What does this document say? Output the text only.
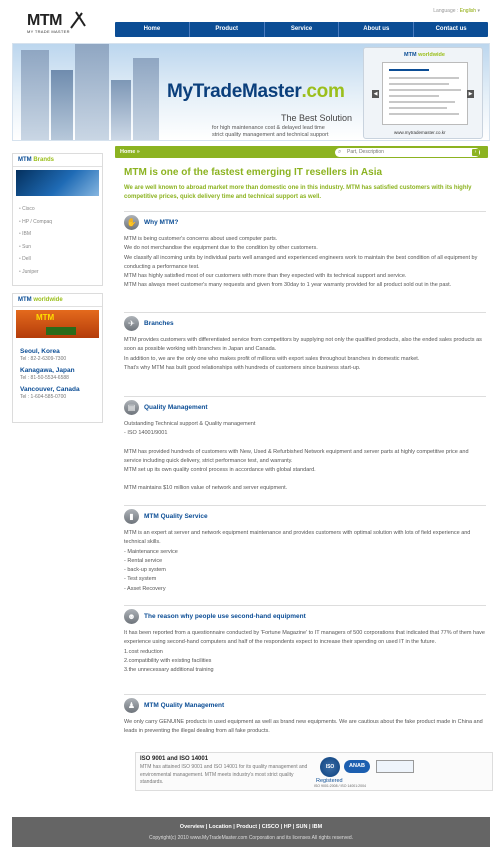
MTM
MY TRADE MASTER
Language : English ▾
Home	Product	Service	About us	Contact us
MyTradeMaster.com
The Best Solution
for high maintenance cost & delayed lead time
strict quality management and technical support
MTM worldwide
◀	▶
www.mytrademaster.co.kr
MTM Brands
• Cisco
• HP / Compaq
• IBM
• Sun
• Dell
• Juniper
MTM worldwide
MTM
Seoul, Korea
Tel : 82-2-6309-7300
Kanagawa, Japan
Tel : 81-50-5534-6588
Vancouver, Canada
Tel : 1-604-585-0700
Home »	⌕
Part, Description	›
MTM is one of the fastest emerging IT resellers in Asia
We are well known to abroad market more than domestic one in this industry. MTM has satisfied customers with its highly competitive prices, quick delivery time and technical support as well.
✋	Why MTM?
MTM is being customer's concerns about used computer parts.
We do not merchandise the equipment due to the condition by other customers.
We classify all incoming units by individual parts well arranged and experienced engineers work to maintain the best condition of all equipment by conducting a performance test.
MTM has highly satisfied most of our customers with more than they expected with its technical support and service.
MTM has always meet customer's many requests and given from 30day to 1 year warranty provided for all product sold out in the past.
✈	Branches
MTM provides customers with differentiated service from competitors by supplying not only the qualified products, also the ended sales products as soon as possible working with branches in Japan and Canada.
In addition to, we are the only one who makes profit of millions with export sales throughout branches in domestic market.
That's why MTM has built good relationships with hundreds of customers since business start-up.
▤	Quality Management
Outstanding Technical support & Quality management
- ISO 14001/9001
MTM has provided hundreds of customers with New, Used & Refurbished Network equipment and server parts at highly competitive price and service including quick delivery, strict performance test, and warranty.
MTM set up its own quality control process in accordance with global standard.
MTM maintains $10 million value of network and server equipment.
▮	MTM Quality Service
MTM is an expert at server and network equipment maintenance and provides customers with optimal solution with lots of field experience and technical skills.
- Maintenance service
- Rental service
- back-up system
- Test system
- Asset Recovery
☻	The reason why people use second-hand equipment
It has been reported from a questionnaire conducted by 'Fortune Magazine' to IT managers of 500 corporations that indicated that 77% of them have experience using second-hand computers and half of the respondents expect to increase their spending on used IT in the future.
1.cost reduction
2.compatibility with existing facilities
3.the unnecessary additional training
♟	MTM Quality Management
We only carry GENUINE products in used equipment as well as brand new equipments. We are cautious about the fake product made in China and leads in preventing the illegal dealing from all fake products.
ISO 9001 and ISO 14001
MTM has attained ISO 9001 and ISO 14001 for its quality management and environmental management. MTM meets industry's most strict quality standards.
ISO
Registered
ISO 9001:2008 / ISO 14001:2004
ANAB
Overview | Location | Product | CISCO | HP | SUN | IBM
Copyright(c) 2010 www.MyTradeMaster.com Corporation and its licenses All rights reserved.
